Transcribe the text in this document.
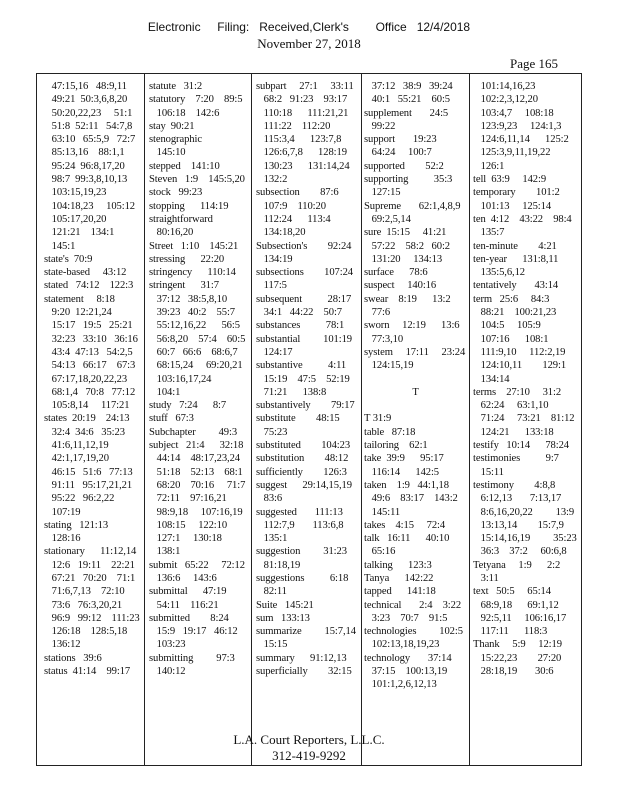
Electronic     Filing:   Received,Clerk's        Office   12/4/2018
November 27, 2018
Page 165
47:15,16   48:9,11
49:21  50:3,6,8,20
50:20,22,23     51:1
51:8  52:11   54:7,8
63:10   65:5,9   72:7
85:13,16    88:1,1
95:24  96:8,17,20
98:7  99:3,8,10,13
103:15,19,23
104:18,23     105:12
105:17,20,20
121:21    134:1
145:1
state's  70:9
state-based     43:12
stated   74:12    122:3
statement     8:18
9:20  12:21,24
15:17   19:5   25:21
32:23   33:10   36:16
43:4  47:13   54:2,5
54:13   66:17    67:3
67:17,18,20,22,23
68:1,4   70:8   77:12
105:8,14     117:21
states  20:19    24:13
32:4  34:6   35:23
41:6,11,12,19
42:1,17,19,20
46:15   51:6   77:13
91:11   95:17,21,21
95:22   96:2,22
107:19
stating   121:13
128:16
stationary      11:12,14
12:6   19:11    22:21
67:21   70:20    71:1
71:6,7,13    72:10
73:6   76:3,20,21
96:9   99:12    111:23
126:18    128:5,18
136:12
stations   39:6
status  41:14    99:17
statute   31:2
statutory    7:20    89:5
106:18    142:6
stay  90:21
stenographic
145:10
stepped    141:10
Steven   1:9    145:5,20
stock   99:23
stopping      114:19
straightforward
80:16,20
Street   1:10    145:21
stressing      22:20
stringency      110:14
stringent      31:7
37:12   38:5,8,10
39:23   40:2    55:7
55:12,16,22      56:5
56:8,20    57:4    60:5
60:7   66:6    68:6,7
68:15,24     69:20,21
103:16,17,24
104:1
study   7:24      8:7
stuff   67:3
Subchapter         49:3
subject   21:4      32:18
44:14    48:17,23,24
51:18    52:13    68:1
68:20    70:16     71:7
72:11    97:16,21
98:9,18     107:16,19
108:15     122:10
127:1     130:18
138:1
submit   65:22     72:12
136:6     143:6
submittal      47:19
54:11    116:21
submitted        8:24
15:9   19:17   46:12
103:23
submitting         97:3
140:12
subpart     27:1     33:11
68:2   91:23    93:17
110:18      111:21,21
111:22    112:20
115:3,4      123:7,8
126:6,7,8      128:19
130:23      131:14,24
132:2
subsection        87:6
107:9    110:20
112:24      113:4
134:18,20
Subsection's        92:24
134:19
subsections        107:24
117:5
subsequent          28:17
34:1   44:22    50:7
substances          78:1
substantial         101:19
124:17
substantive          4:11
15:19    47:5    52:19
71:21      138:8
substantively        79:17
substitute        48:15
75:23
substituted        104:23
substitution        48:12
sufficiently        126:3
suggest      29:14,15,19
83:6
suggested       111:13
112:7,9       113:6,8
135:1
suggestion         31:23
81:18,19
suggestions          6:18
82:11
Suite   145:21
sum   133:13
summarize         15:7,14
15:15
summary      91:12,13
superficially        32:15
37:12   38:9   39:24
40:1   55:21    60:5
supplement       24:5
99:22
support       19:23
64:24     100:7
supported        52:2
supporting          35:3
127:15
Supreme       62:1,4,8,9
69:2,5,14
sure  15:15     41:21
57:22    58:2   60:2
131:20     134:13
surface      78:6
suspect     140:16
swear    8:19      13:2
77:6
sworn     12:19      13:6
77:3,10
system     17:11     23:24
124:15,19
T
T 31:9
table   87:18
tailoring    62:1
take  39:9      95:17
116:14      142:5
taken    1:9   44:1,18
49:6    83:17    143:2
145:11
takes    4:15     72:4
talk   16:11      40:10
65:16
talking      123:3
Tanya      142:22
tapped      141:18
technical       2:4    3:22
3:23    70:7    91:5
technologies         102:5
102:13,18,19,23
technology       37:14
37:15    100:13,19
101:1,2,6,12,13
101:14,16,23
102:2,3,12,20
103:4,7     108:18
123:9,23     124:1,3
124:6,11,14      125:2
125:3,9,11,19,22
126:1
tell  63:9     142:9
temporary        101:2
101:13     125:14
ten  4:12    43:22    98:4
135:7
ten-minute        4:21
ten-year      131:8,11
135:5,6,12
tentatively       43:14
term   25:6     84:3
88:21    100:21,23
104:5     105:9
107:16      108:1
111:9,10     112:2,19
124:10,11        129:1
134:14
terms    27:10     31:2
62:24     63:1,10
71:24     73:21    81:12
124:21      133:18
testify   10:14      78:24
testimonies          9:7
15:11
testimony        4:8,8
6:12,13       7:13,17
8:6,16,20,22         13:9
13:13,14        15:7,9
15:14,16,19         35:23
36:3    37:2     60:6,8
Tetyana     1:9      2:2
3:11
text   50:5     65:14
68:9,18      69:1,12
92:5,11     106:16,17
117:11      118:3
Thank     5:9     12:19
15:22,23        27:20
28:18,19       30:6
L.A. Court Reporters, L.L.C.
312-419-9292
